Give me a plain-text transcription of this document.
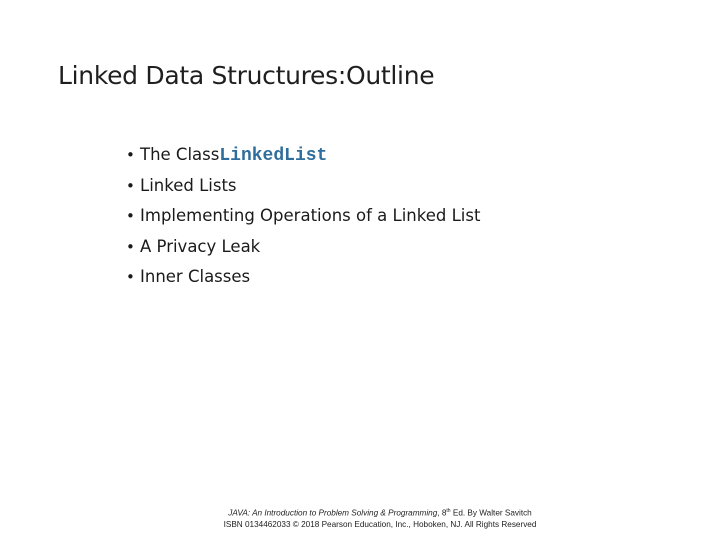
Linked Data Structures:Outline
• The Class LinkedList
• Linked Lists
• Implementing Operations of a Linked List
• A Privacy Leak
• Inner Classes
JAVA: An Introduction to Problem Solving & Programming, 8th Ed. By Walter Savitch
ISBN 0134462033 © 2018 Pearson Education, Inc., Hoboken, NJ. All Rights Reserved
